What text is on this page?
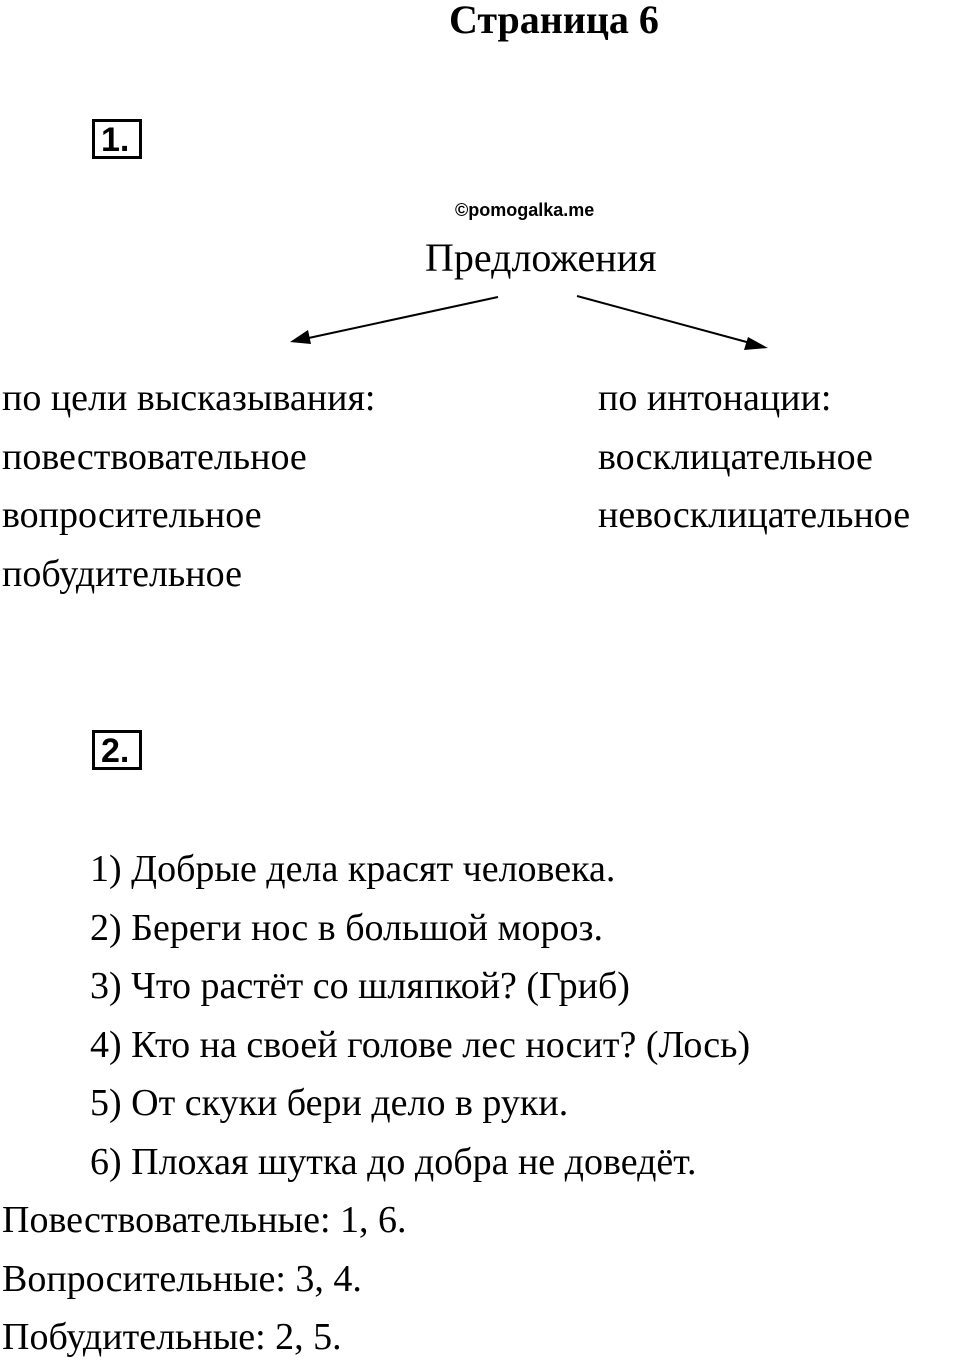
Страница 6
1.
©pomogalka.me
Предложения
по цели высказывания:
повествовательное
вопросительное
побудительное
по интонации:
восклицательное
невосклицательное
2.
1) Добрые дела красят человека.
2) Береги нос в большой мороз.
3) Что растёт со шляпкой? (Гриб)
4) Кто на своей голове лес носит? (Лось)
5) От скуки бери дело в руки.
6) Плохая шутка до добра не доведёт.
Повествовательные: 1, 6.
Вопросительные: 3, 4.
Побудительные: 2, 5.
